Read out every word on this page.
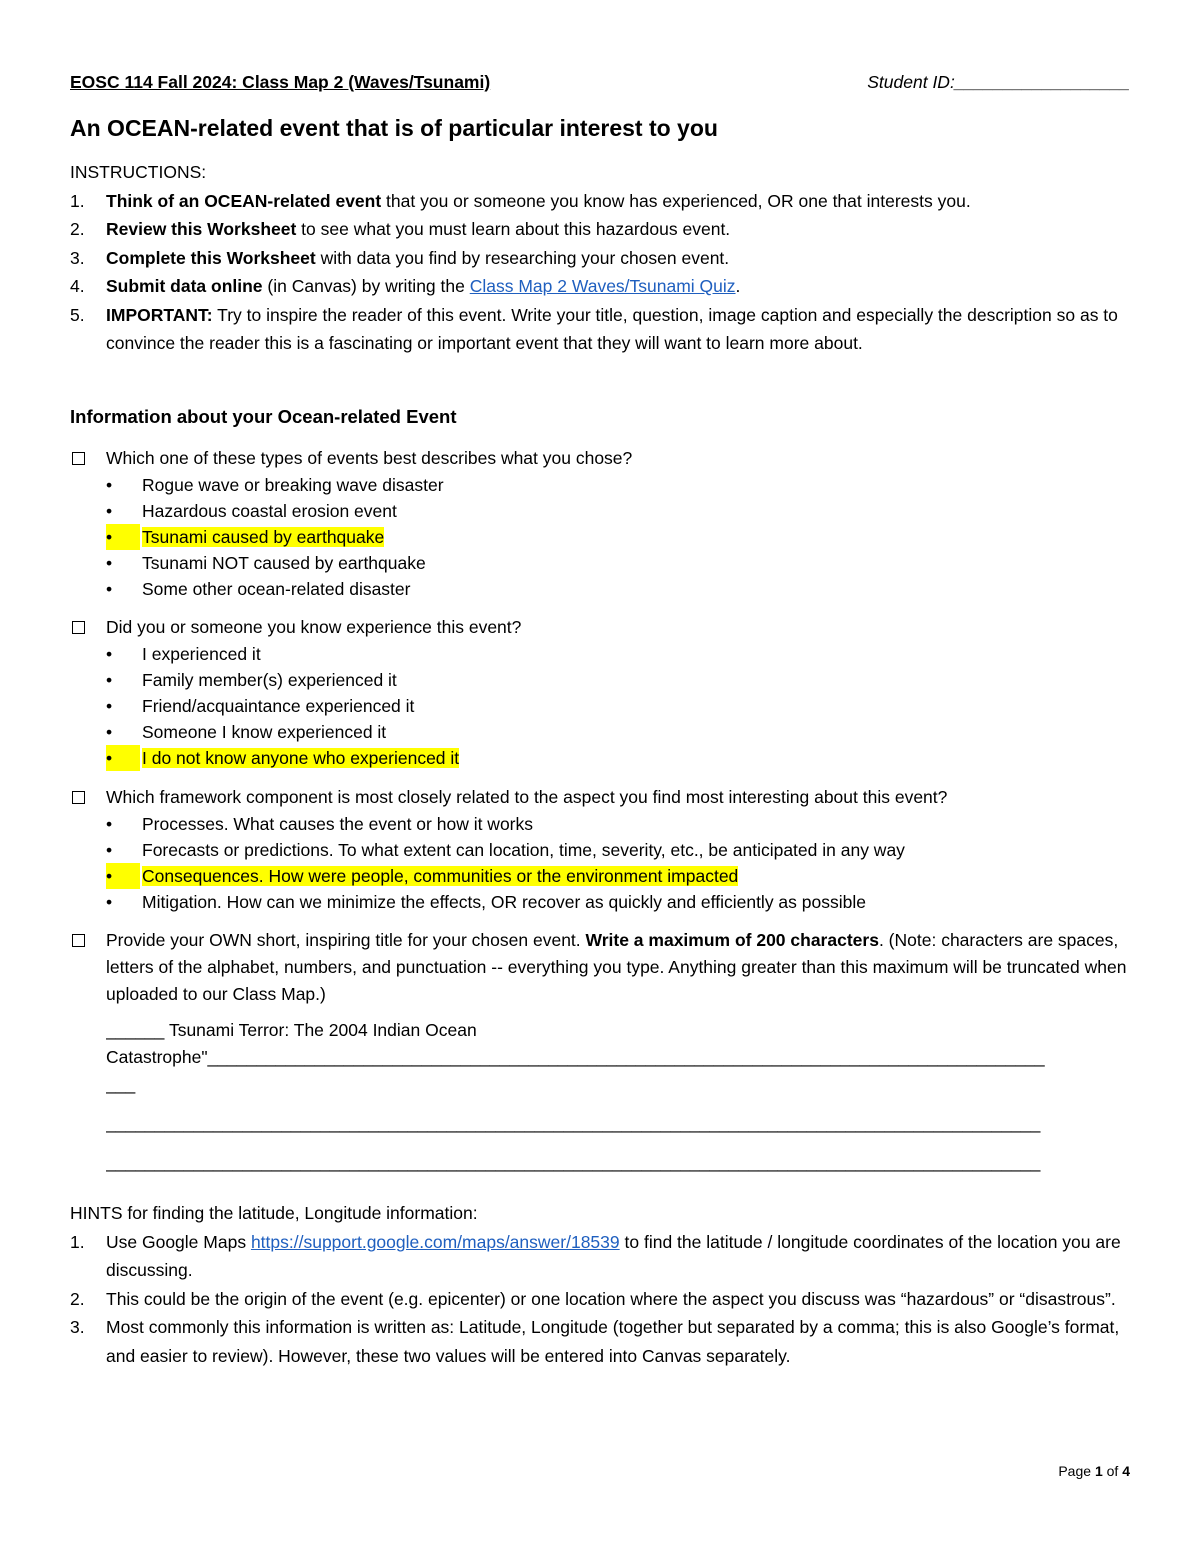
EOSC 114 Fall 2024: Class Map 2 (Waves/Tsunami)	Student ID:__________________
An OCEAN-related event that is of particular interest to you
INSTRUCTIONS:
1. Think of an OCEAN-related event that you or someone you know has experienced, OR one that interests you.
2. Review this Worksheet to see what you must learn about this hazardous event.
3. Complete this Worksheet with data you find by researching your chosen event.
4. Submit data online (in Canvas) by writing the Class Map 2 Waves/Tsunami Quiz.
5. IMPORTANT: Try to inspire the reader of this event. Write your title, question, image caption and especially the description so as to convince the reader this is a fascinating or important event that they will want to learn more about.
Information about your Ocean-related Event
Which one of these types of events best describes what you chose?
• Rogue wave or breaking wave disaster
• Hazardous coastal erosion event
•	Tsunami caused by earthquake
• Tsunami NOT caused by earthquake
• Some other ocean-related disaster
Did you or someone you know experience this event?
• I experienced it
• Family member(s) experienced it
• Friend/acquaintance experienced it
• Someone I know experienced it
•	I do not know anyone who experienced it
Which framework component is most closely related to the aspect you find most interesting about this event?
• Processes. What causes the event or how it works
• Forecasts or predictions. To what extent can location, time, severity, etc., be anticipated in any way
•	Consequences. How were people, communities or the environment impacted
• Mitigation. How can we minimize the effects, OR recover as quickly and efficiently as possible
Provide your OWN short, inspiring title for your chosen event. Write a maximum of 200 characters. (Note: characters are spaces, letters of the alphabet, numbers, and punctuation -- everything you type. Anything greater than this maximum will be truncated when uploaded to our Class Map.)
______ Tsunami Terror: The 2004 Indian Ocean
Catastrophe"______________________________________________________________________________________
___
________________________________________________________________________________________________
________________________________________________________________________________________________
HINTS for finding the latitude, Longitude information:
1. Use Google Maps https://support.google.com/maps/answer/18539 to find the latitude / longitude coordinates of the location you are discussing.
2. This could be the origin of the event (e.g. epicenter) or one location where the aspect you discuss was “hazardous” or “disastrous”.
3. Most commonly this information is written as: Latitude, Longitude (together but separated by a comma; this is also Google’s format, and easier to review). However, these two values will be entered into Canvas separately.
Page 1 of 4
